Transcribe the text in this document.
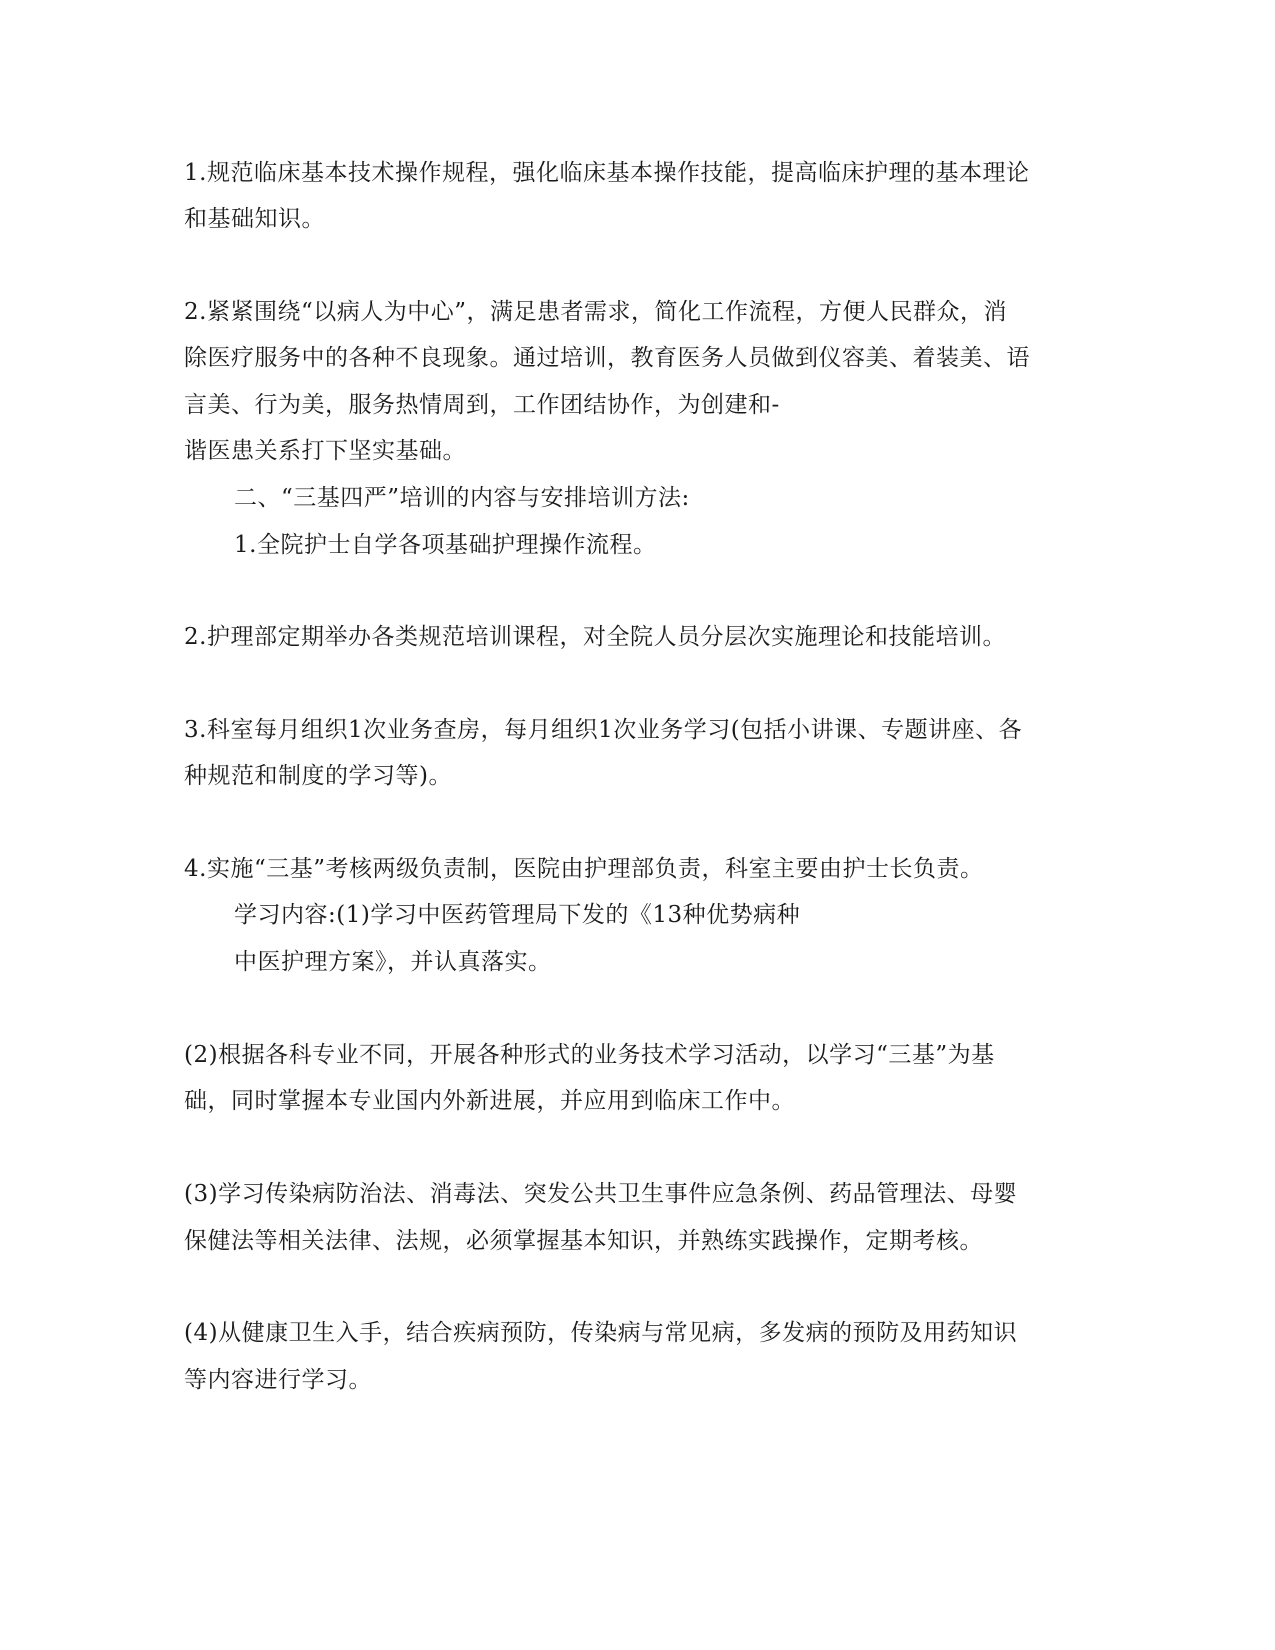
1.规范临床基本技术操作规程，强化临床基本操作技能，提高临床护理的基本理论
和基础知识。
2.紧紧围绕“以病人为中心”，满足患者需求，简化工作流程，方便人民群众，消
除医疗服务中的各种不良现象。通过培训，教育医务人员做到仪容美、着装美、语
言美、行为美，服务热情周到，工作团结协作，为创建和-
谐医患关系打下坚实基础。
二、“三基四严”培训的内容与安排培训方法:
1.全院护士自学各项基础护理操作流程。
2.护理部定期举办各类规范培训课程，对全院人员分层次实施理论和技能培训。
3.科室每月组织1次业务查房，每月组织1次业务学习(包括小讲课、专题讲座、各
种规范和制度的学习等)。
4.实施“三基”考核两级负责制，医院由护理部负责，科室主要由护士长负责。
学习内容:(1)学习中医药管理局下发的《13种优势病种
中医护理方案》，并认真落实。
(2)根据各科专业不同，开展各种形式的业务技术学习活动，以学习“三基”为基
础，同时掌握本专业国内外新进展，并应用到临床工作中。
(3)学习传染病防治法、消毒法、突发公共卫生事件应急条例、药品管理法、母婴
保健法等相关法律、法规，必须掌握基本知识，并熟练实践操作，定期考核。
(4)从健康卫生入手，结合疾病预防，传染病与常见病，多发病的预防及用药知识
等内容进行学习。
